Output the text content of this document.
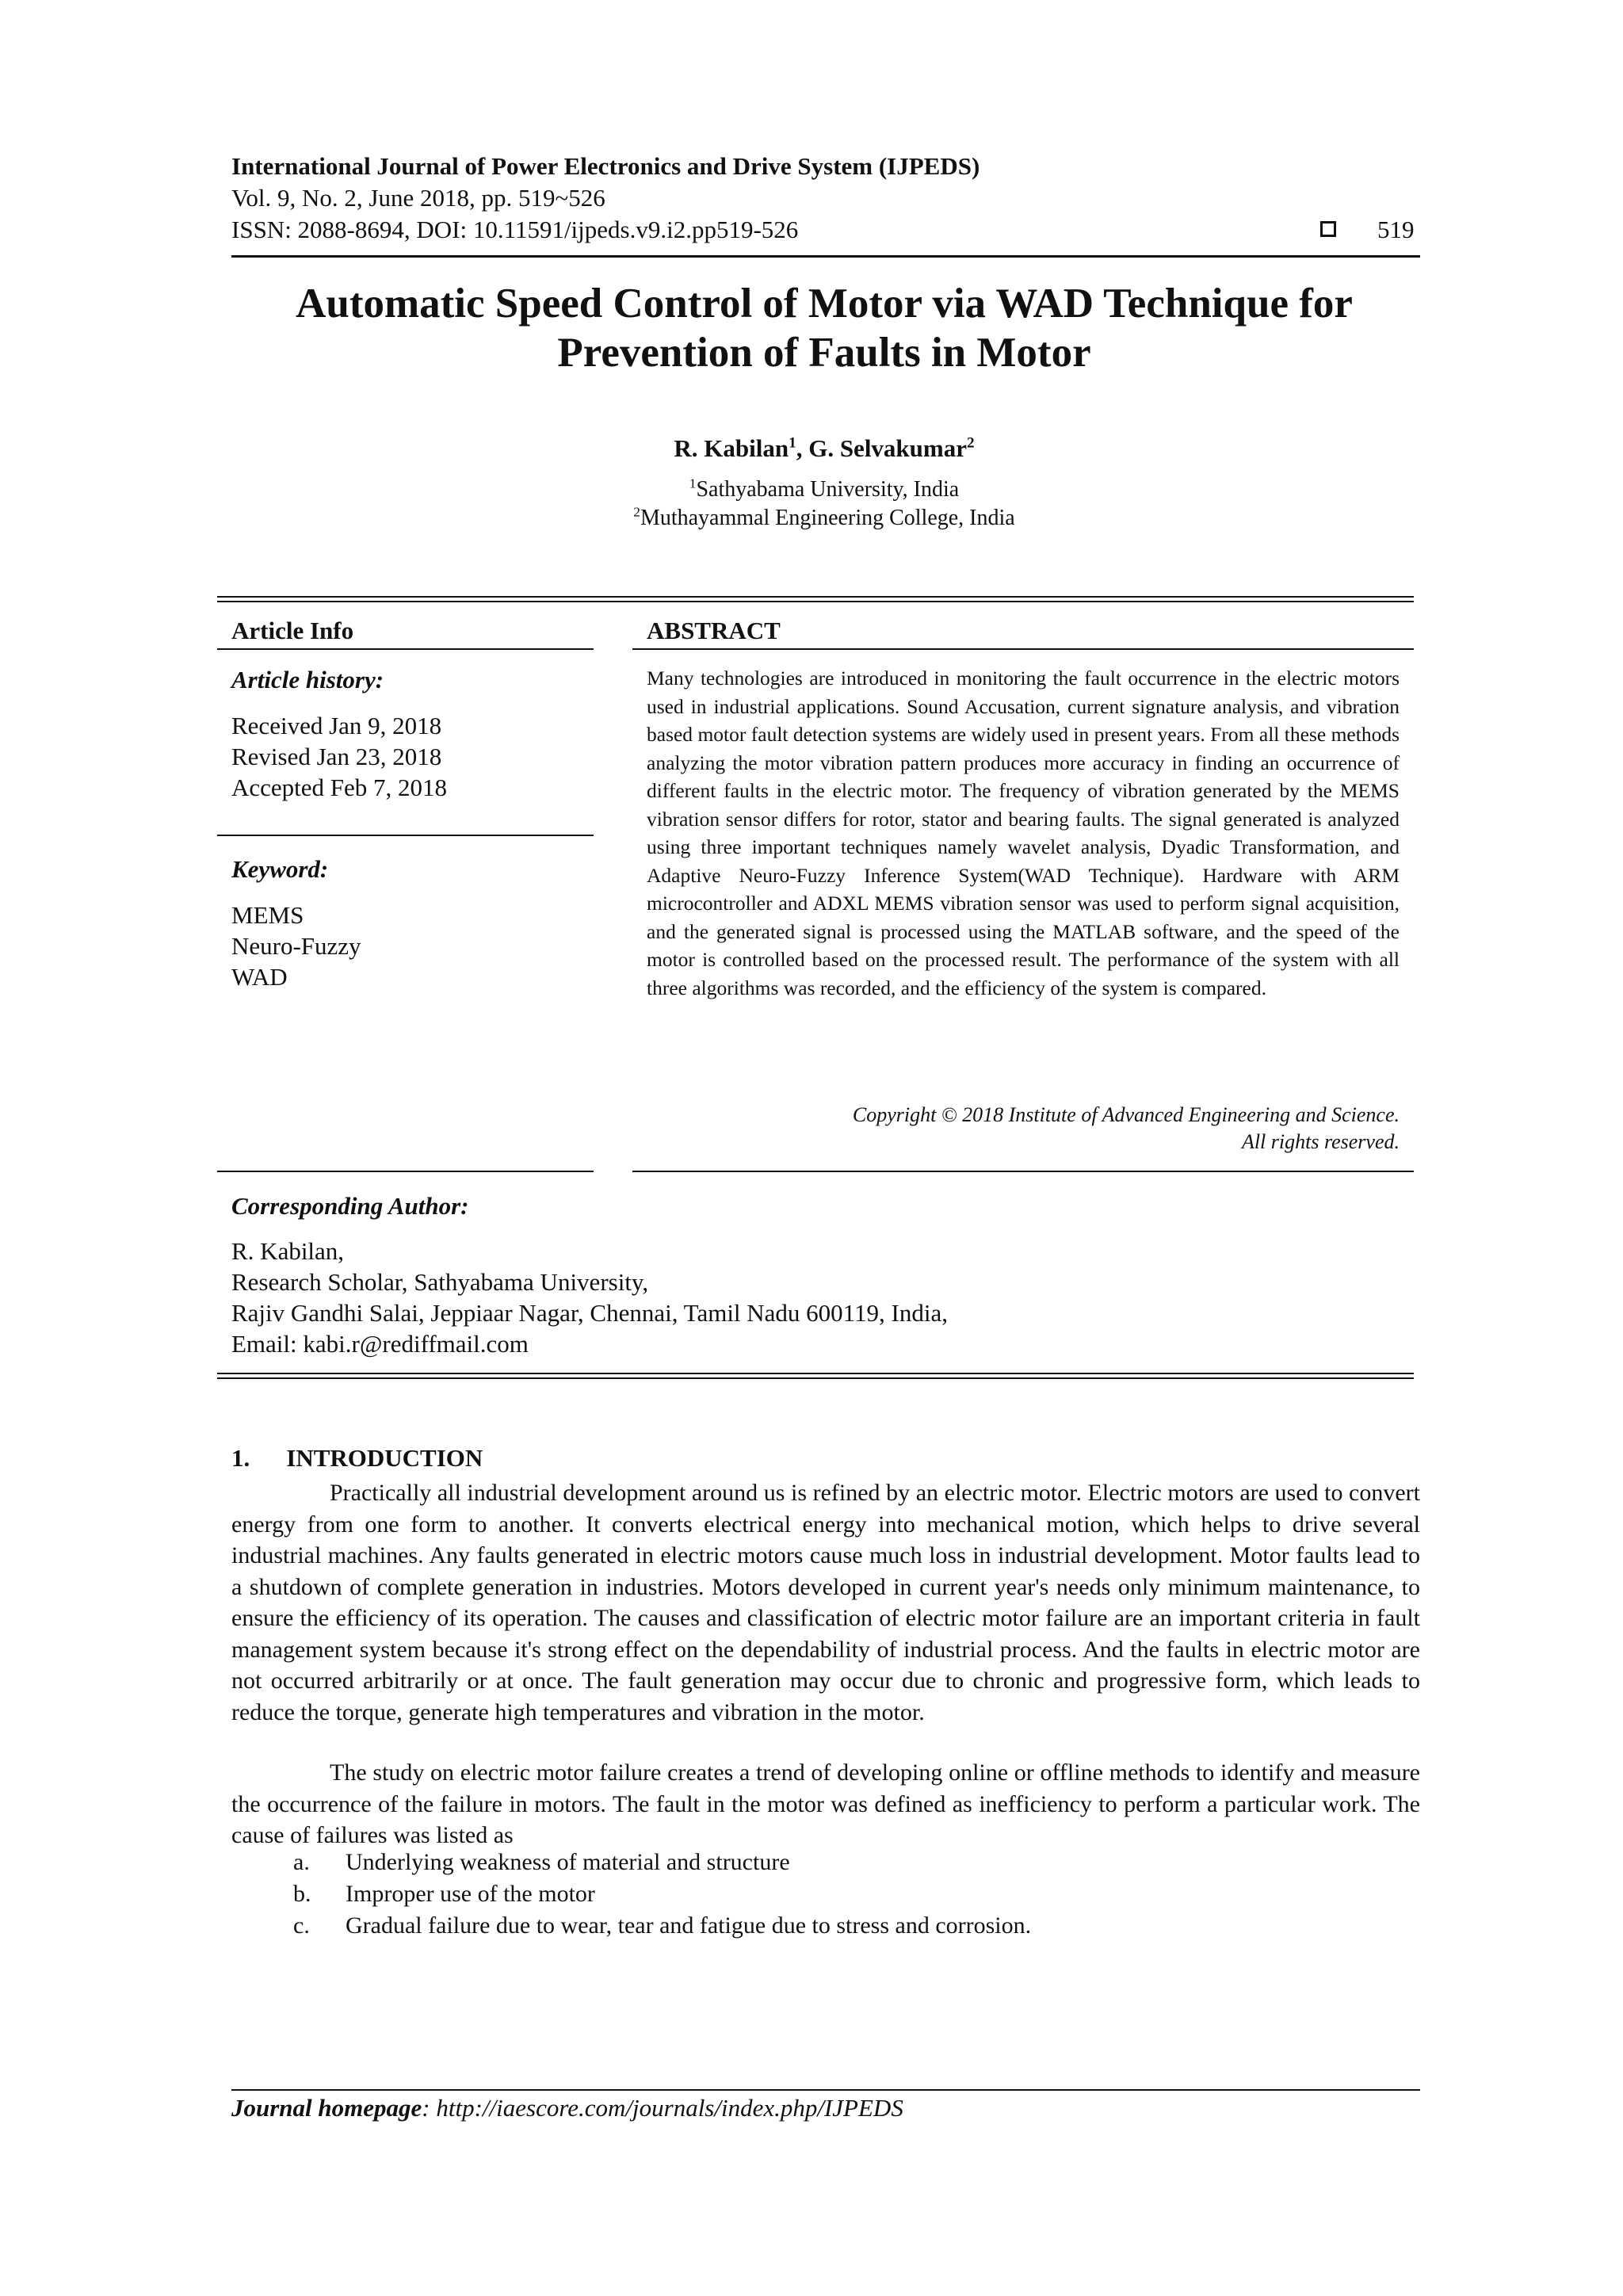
International Journal of Power Electronics and Drive System (IJPEDS)
Vol. 9, No. 2, June 2018, pp. 519~526
ISSN: 2088-8694, DOI: 10.11591/ijpeds.v9.i2.pp519-526	519
Automatic Speed Control of Motor via WAD Technique for
Prevention of Faults in Motor
R. Kabilan$^1$, G. Selvakumar$^2$
$^1$Sathyabama University, India
$^2$Muthayammal Engineering College, India
Article Info
Article history:
Received Jan 9, 2018
Revised Jan 23, 2018
Accepted Feb 7, 2018
Keyword:
MEMS
Neuro-Fuzzy
WAD
ABSTRACT
Many technologies are introduced in monitoring the fault occurrence in the electric motors used in industrial applications. Sound Accusation, current signature analysis, and vibration based motor fault detection systems are widely used in present years. From all these methods analyzing the motor vibration pattern produces more accuracy in finding an occurrence of different faults in the electric motor. The frequency of vibration generated by the MEMS vibration sensor differs for rotor, stator and bearing faults. The signal generated is analyzed using three important techniques namely wavelet analysis, Dyadic Transformation, and Adaptive Neuro-Fuzzy Inference System(WAD Technique). Hardware with ARM microcontroller and ADXL MEMS vibration sensor was used to perform signal acquisition, and the generated signal is processed using the MATLAB software, and the speed of the motor is controlled based on the processed result. The performance of the system with all three algorithms was recorded, and the efficiency of the system is compared.
Copyright © 2018 Institute of Advanced Engineering and Science.
All rights reserved.
Corresponding Author:
R. Kabilan,
Research Scholar, Sathyabama University,
Rajiv Gandhi Salai, Jeppiaar Nagar, Chennai, Tamil Nadu 600119, India,
Email: kabi.r@rediffmail.com
1. INTRODUCTION
Practically all industrial development around us is refined by an electric motor. Electric motors are used to convert energy from one form to another. It converts electrical energy into mechanical motion, which helps to drive several industrial machines. Any faults generated in electric motors cause much loss in industrial development. Motor faults lead to a shutdown of complete generation in industries. Motors developed in current year's needs only minimum maintenance, to ensure the efficiency of its operation. The causes and classification of electric motor failure are an important criteria in fault management system because it's strong effect on the dependability of industrial process. And the faults in electric motor are not occurred arbitrarily or at once. The fault generation may occur due to chronic and progressive form, which leads to reduce the torque, generate high temperatures and vibration in the motor.
The study on electric motor failure creates a trend of developing online or offline methods to identify and measure the occurrence of the failure in motors. The fault in the motor was defined as inefficiency to perform a particular work. The cause of failures was listed as
a. Underlying weakness of material and structure
b. Improper use of the motor
c. Gradual failure due to wear, tear and fatigue due to stress and corrosion.
Journal homepage: http://iaescore.com/journals/index.php/IJPEDS
